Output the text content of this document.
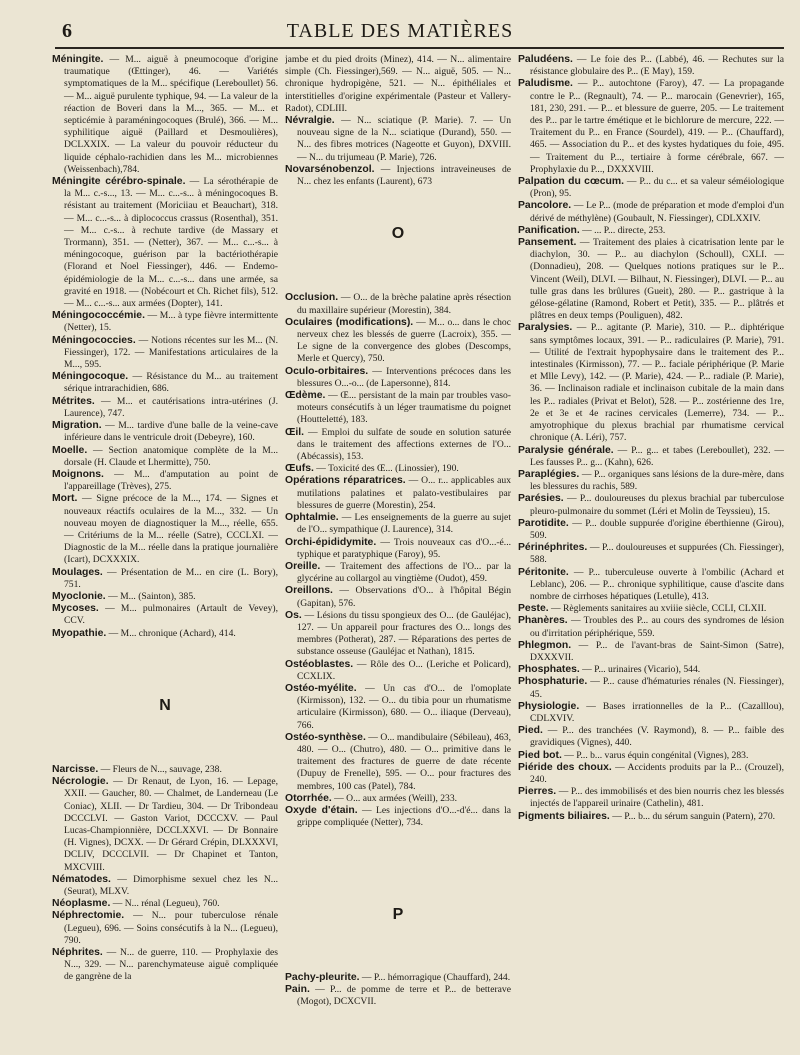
6	TABLE DES MATIÈRES
Méningite. — M... aiguë à pneumocoque d'origine traumatique (Œttinger), 46. — Variétés symptomatiques de la M... spécifique (Lereboullet) 56. — M... aiguë purulente typhique, 94. — La valeur de la réaction de Boveri dans la M..., 365. — M... et septicémie à paraméningocoques (Brulé), 366. — M... syphilitique aiguë (Paillard et Desmoulières), DCLXXIX. — La valeur du pouvoir réducteur du liquide céphalo-rachidien dans les M... microbiennes (Weissenbach),784.
Méningite cérébro-spinale. — La sérothérapie de la M... c.-s..., 13. — M... c...-s... à méningocoques B. résistant au traitement (Moriciiau et Beauchart), 318. — M... c...-s... à diplococcus crassus (Rosenthal), 351. — M... c.-s... à rechute tardive (de Massary et Trormann), 351. — (Netter), 367. — M... c...-s... à méningocoque, guérison par la bactériothérapie (Florand et Noel Fiessinger), 446. — Endemo-épidémiologie de la M... c...-s... dans une armée, sa gravité en 1918. — (Nobécourt et Ch. Richet fils), 512. — M... c...-s... aux armées (Dopter), 141.
Méningococcémie. — M... à type fièvre intermittente (Netter), 15.
Méningococcies. — Notions récentes sur les M... (N. Fiessinger), 172. — Manifestations articulaires de la M..., 595.
Méningocoque. — Résistance du M... au traitement sérique intrarachidien, 686.
Métrites. — M... et cautérisations intra-utérines (J. Laurence), 747.
Migration. — M... tardive d'une balle de la veine-cave inférieure dans le ventricule droit (Debeyre), 160.
Moelle. — Section anatomique complète de la M... dorsale (H. Claude et Lhermitte), 750.
Moignons. — M... d'amputation au point de l'appareillage (Trèves), 275.
Mort. — Signe précoce de la M..., 174. — Signes et nouveaux réactifs oculaires de la M..., 332. — Un nouveau moyen de diagnostiquer la M..., réelle, 655. — Critériums de la M... réelle (Satre), CCCLXI. — Diagnostic de la M... réelle dans la pratique journalière (Icart), DCXXXIX.
Moulages. — Présentation de M... en cire (L. Bory), 751.
Myoclonie. — M... (Sainton), 385.
Mycoses. — M... pulmonaires (Artault de Vevey), CCV.
Myopathie. — M... chronique (Achard), 414.
N
Narcisse. — Fleurs de N..., sauvage, 238.
Nécrologie. — Dr Renaut, de Lyon, 16. — Lepage, XXII. — Gaucher, 80. — Chalmet, de Landerneau (Le Coniac), XLII. — Dr Tardieu, 304. — Dr Tribondeau DCCCLVI. — Gaston Variot, DCCCXV. — Paul Lucas-Championnière, DCCLXXVI. — Dr Bonnaire (H. Vignes), DCXX. — Dr Gérard Crépin, DLXXXVI, DCLIV, DCCCLVII. — Dr Chapinet et Tanton, MXCVIII.
Nématodes. — Dimorphisme sexuel chez les N... (Seurat), MLXV.
Néoplasme. — N... rénal (Legueu), 760.
Néphrectomie. — N... pour tuberculose rénale (Legueu), 696. — Soins consécutifs à la N... (Legueu), 790.
Néphrites. — N... de guerre, 110. — Prophylaxie des N..., 329. — N... parenchymateuse aiguë compliquée de gangrène de la
jambe et du pied droits (Minez), 414. — N... alimentaire simple (Ch. Fiessinger),569. — N... aiguë, 505. — N... chronique hydropigène, 521. — N... épithéliales et interstitielles d'origine expérimentale (Pasteur et Vallery-Radot), CDLIII.
Névralgie. — N... sciatique (P. Marie). 7. — Un nouveau signe de la N... sciatique (Durand), 550. — N... des fibres motrices (Nageotte et Guyon), DXVIII. — N... du trijumeau (P. Marie), 726.
Novarsénobenzol. — Injections intraveineuses de N... chez les enfants (Laurent), 673
O
Occlusion. — O... de la brèche palatine après résection du maxillaire supérieur (Morestin), 384.
Oculaires (modifications). — M... o... dans le choc nerveux chez les blessés de guerre (Lacroix), 355. — Le signe de la convergence des globes (Descomps, Merle et Quercy), 750.
Oculo-orbitaires. — Interventions précoces dans les blessures O...-o... (de Lapersonne), 814.
Œdème. — Œ... persistant de la main par troubles vaso-moteurs consécutifs à un léger traumatisme du poignet (Houtteletté), 183.
Œil. — Emploi du sulfate de soude en solution saturée dans le traitement des affections externes de l'O... (Abécassis), 153.
Œufs. — Toxicité des Œ... (Linossier), 190.
Opérations réparatrices. — O... r... applicables aux mutilations palatines et palato-vestibulaires par blessures de guerre (Morestin), 254.
Ophtalmie. — Les enseignements de la guerre au sujet de l'O... sympathique (J. Laurence), 314.
Orchi-épididymite. — Trois nouveaux cas d'O...-é... typhique et paratyphique (Faroy), 95.
Oreille. — Traitement des affections de l'O... par la glycérine au collargol au vingtième (Oudot), 459.
Oreillons. — Observations d'O... à l'hôpital Bégin (Gapitan), 576.
Os. — Lésions du tissu spongieux des O... (de Gauléjac), 127. — Un appareil pour fractures des O... longs des membres (Potherat), 287. — Réparations des pertes de substance osseuse (Gauléjac et Nathan), 1815.
Ostéoblastes. — Rôle des O... (Leriche et Policard), CCXLIX.
Ostéo-myélite. — Un cas d'O... de l'omoplate (Kirmisson), 132. — O... du tibia pour un rhumatisme articulaire (Kirmisson), 680. — O... iliaque (Derveau), 766.
Ostéo-synthèse. — O... mandibulaire (Sébileau), 463, 480. — O... (Chutro), 480. — O... primitive dans le traitement des fractures de guerre de date récente (Dupuy de Frenelle), 595. — O... pour fractures des membres, 100 cas (Patel), 784.
Otorrhée. — O... aux armées (Weill), 233.
Oxyde d'étain. — Les injections d'O...-d'é... dans la grippe compliquée (Netter), 734.
P
Pachy-pleurite. — P... hémorragique (Chauffard), 244.
Pain. — P... de pomme de terre et P... de betterave (Mogot), DCXCVII.
Paludéens. — Le foie des P... (Labbé), 46. — Rechutes sur la résistance globulaire des P... (E May), 159.
Paludisme. — P... autochtone (Faroy), 47. — La propagande contre le P... (Regnault), 74. — P... marocain (Genevrier), 165, 181, 230, 291. — P... et blessure de guerre, 205. — Le traitement des P... par le tartre émétique et le bichlorure de mercure, 222. — Traitement du P... en France (Sourdel), 419. — P... (Chauffard), 465. — Association du P... et des kystes hydatiques du foie, 495. — Traitement du P..., tertiaire à forme cérébrale, 667. — Prophylaxie du P..., DXXXVIII.
Palpation du cœcum. — P... du c... et sa valeur séméiologique (Pron), 95.
Pancolore. — Le P... (mode de préparation et mode d'emploi d'un dérivé de méthylène) (Goubault, N. Fiessinger), CDLXXIV.
Panification. — ... P... directe, 253.
Pansement. — Traitement des plaies à cicatrisation lente par le diachylon, 30. — P... au diachylon (Schoull), CXLI. — (Donnadieu), 208. — Quelques notions pratiques sur le P... Vincent (Weil), DLVI. — Bilhaut, N. Fiessinger), DLVI. — P... au tulle gras dans les brûlures (Gueit), 280. — P... gastrique à la gélose-gélatine (Ramond, Robert et Petit), 335. — P... plâtrés et plâtres en deux temps (Pouliguen), 482.
Paralysies. — P... agitante (P. Marie), 310. — P... diphtérique sans symptômes locaux, 391. — P... radiculaires (P. Marie), 791. — Utilité de l'extrait hypophysaire dans le traitement des P... intestinales (Kirmisson), 77. — P... faciale périphérique (P. Marie et Mlle Levy), 142. — (P. Marie), 424. — P... radiale (P. Marie), 36. — Inclinaison radiale et inclinaison cubitale de la main dans les P... radiales (Privat et Belot), 528. — P... zostérienne des 1re, 2e et 3e et 4e racines cervicales (Lemerre), 734. — P... amyotrophique du plexus brachial par rhumatisme cervical chronique (A. Léri), 757.
Paralysie générale. — P... g... et tabes (Lereboullet), 232. — Les fausses P... g... (Kahn), 626.
Paraplégies. — P... organiques sans lésions de la dure-mère, dans les blessures du rachis, 589.
Parésies. — P... douloureuses du plexus brachial par tuberculose pleuro-pulmonaire du sommet (Léri et Molin de Teyssieu), 15.
Parotidite. — P... double suppurée d'origine éberthienne (Girou), 509.
Périnéphrites. — P... douloureuses et suppurées (Ch. Fiessinger), 588.
Péritonite. — P... tuberculeuse ouverte à l'ombilic (Achard et Leblanc), 206. — P... chronique syphilitique, cause d'ascite dans nombre de cirrhoses hépatiques (Letulle), 413.
Peste. — Règlements sanitaires au xviiie siècle, CCLI, CLXII.
Phanères. — Troubles des P... au cours des syndromes de lésion ou d'irritation périphérique, 559.
Phlegmon. — P... de l'avant-bras de Saint-Simon (Satre), DXXXVII.
Phosphates. — P... urinaires (Vicario), 544.
Phosphaturie. — P... cause d'hématuries rénales (N. Fiessinger), 45.
Physiologie. — Bases irrationnelles de la P... (Cazalllou), CDLXVIV.
Pied. — P... des tranchées (V. Raymond), 8. — P... faible des gravidiques (Vignes), 440.
Pied bot. — P... b... varus équin congénital (Vignes), 283.
Piéride des choux. — Accidents produits par la P... (Crouzel), 240.
Pierres. — P... des immobilisés et des bien nourris chez les blessés injectés de l'appareil urinaire (Cathelin), 481.
Pigments biliaires. — P... b... du sérum sanguin (Patern), 270.
